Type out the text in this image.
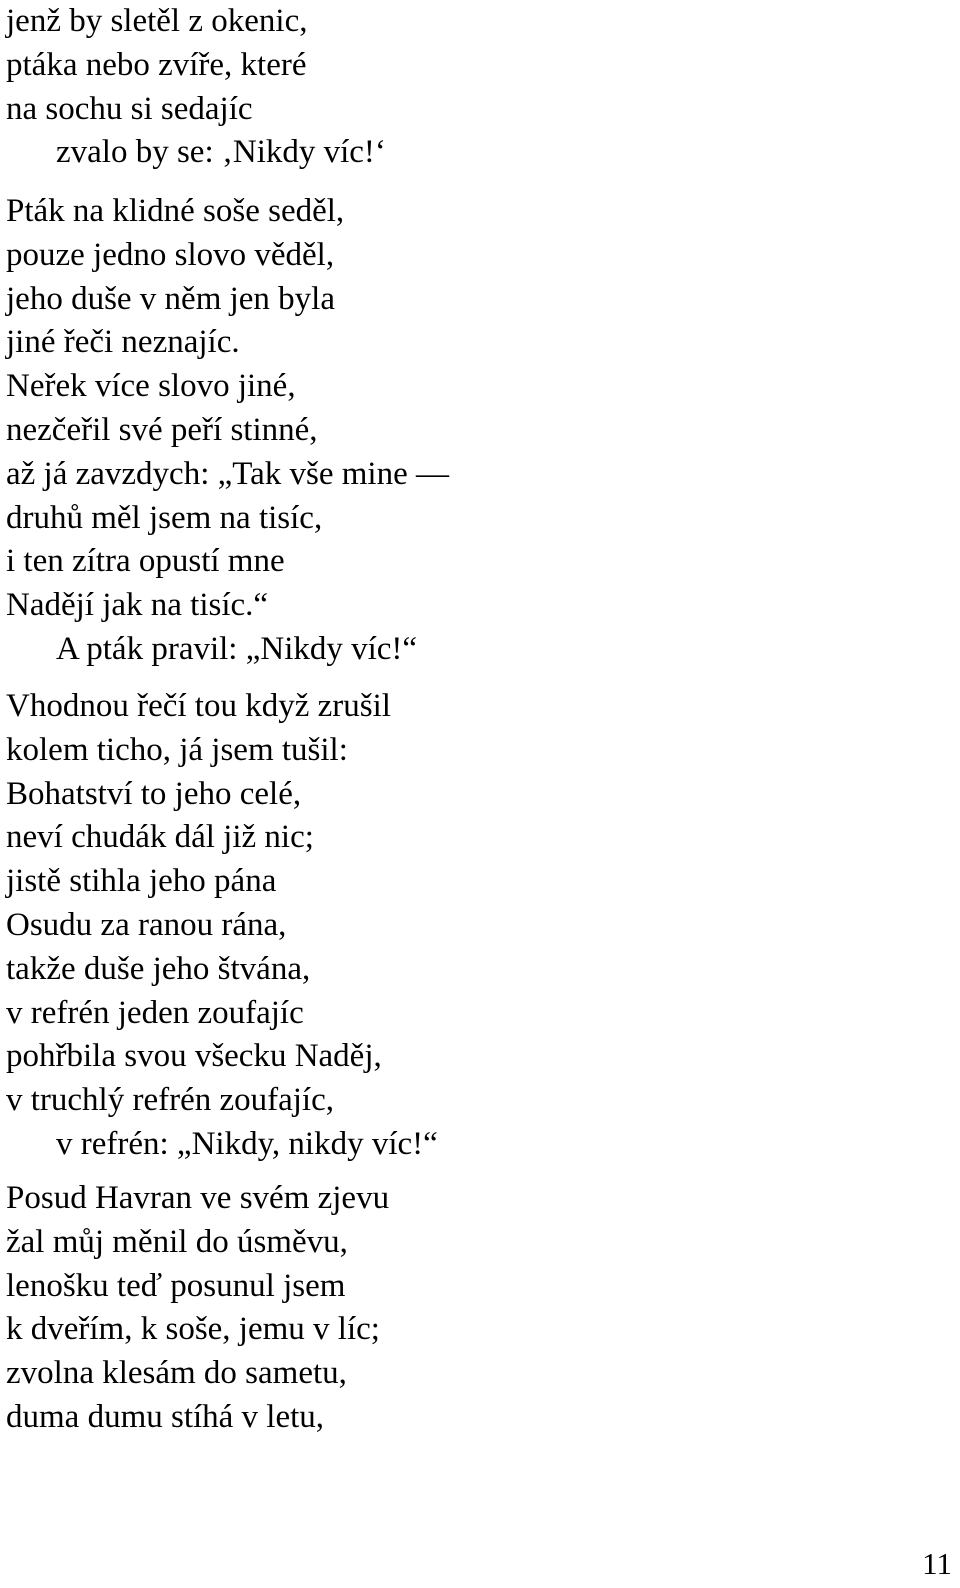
jenž by sletěl z okenic,
ptáka nebo zvíře, které
na sochu si sedajíc
zvalo by se: ‚Nikdy víc!‘
Pták na klidné soše seděl,
pouze jedno slovo věděl,
jeho duše v něm jen byla
jiné řeči neznajíc.
Neřek více slovo jiné,
nezčeřil své peří stinné,
až já zavzdych: „Tak vše mine —
druhů měl jsem na tisíc,
i ten zítra opustí mne
Nadějí jak na tisíc.“
A pták pravil: „Nikdy víc!“
Vhodnou řečí tou když zrušil
kolem ticho, já jsem tušil:
Bohatství to jeho celé,
neví chudák dál již nic;
jistě stihla jeho pána
Osudu za ranou rána,
takže duše jeho štvána,
v refrén jeden zoufajíc
pohřbila svou všecku Naděj,
v truchlý refrén zoufajíc,
v refrén: „Nikdy, nikdy víc!“
Posud Havran ve svém zjevu
žal můj měnil do úsměvu,
lenošku teď posunul jsem
k dveřím, k soše, jemu v líc;
zvolna klesám do sametu,
duma dumu stíhá v letu,
11
